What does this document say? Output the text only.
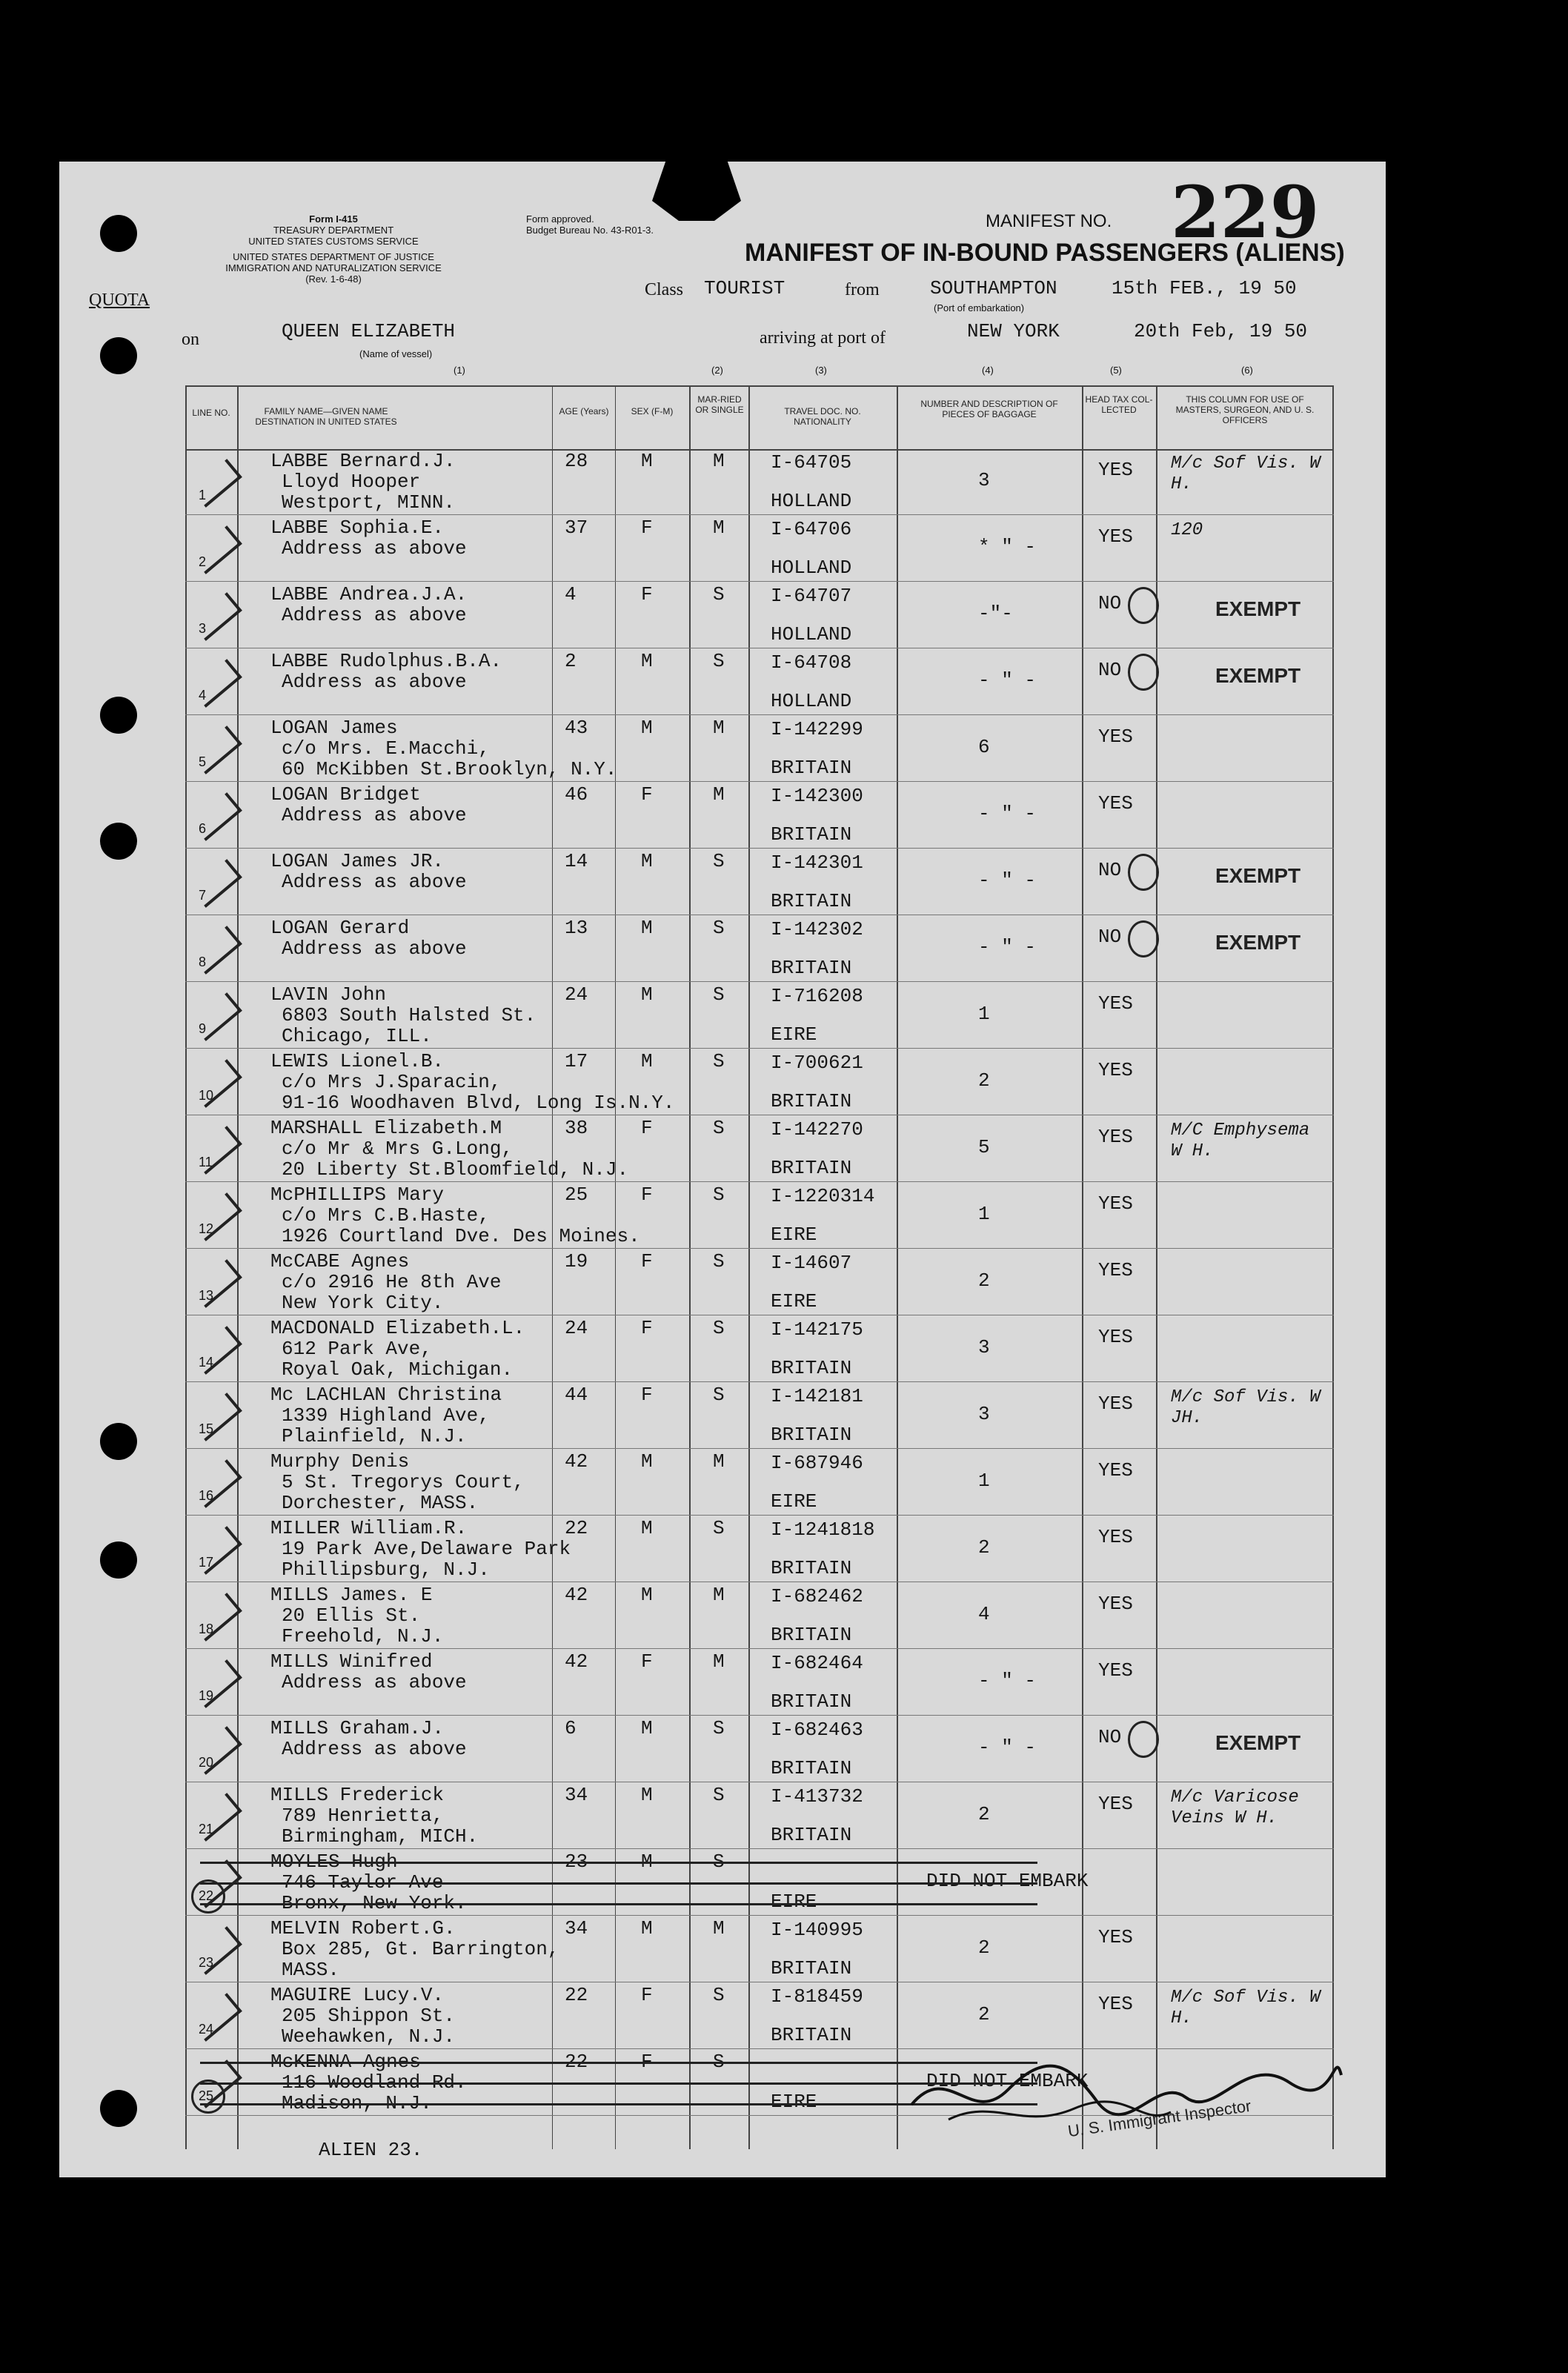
Form I-415
TREASURY DEPARTMENT
UNITED STATES CUSTOMS SERVICE
UNITED STATES DEPARTMENT OF JUSTICE
IMMIGRATION AND NATURALIZATION SERVICE
(Rev. 1-6-48)
Form approved.
Budget Bureau No. 43-R01-3.	MANIFEST NO. 229
MANIFEST OF IN-BOUND PASSENGERS (ALIENS)
QUOTA
Class TOURIST	from	SOUTHAMPTON
(Port of embarkation)
15th FEB., 19 50
on	QUEEN ELIZABETH
(Name of vessel)
arriving at port of	NEW YORK	20th Feb, 19 50
(1)	(2)	(3)	(4)	(5)	(6)
LINE NO.	FAMILY NAME—GIVEN NAME DESTINATION IN UNITED STATES
AGE (Years)	SEX (F-M)
MAR-RIED OR SINGLE	TRAVEL DOC. NO. NATIONALITY
NUMBER AND DESCRIPTION OF PIECES OF BAGGAGE
HEAD TAX COL-LECTED
THIS COLUMN FOR USE OF MASTERS, SURGEON, AND U. S. OFFICERS
1
LABBE Bernard.J.
Lloyd Hooper
Westport, MINN.
28	M	M I-64705
HOLLAND
3	YES M/c Sof Vis. W H.
2
LABBE Sophia.E.
Address as above
37	F	M I-64706
HOLLAND
* " -	YES 120
3
LABBE Andrea.J.A.
Address as above
4	F	S I-64707
HOLLAND
-"-	NO	EXEMPT
4
LABBE Rudolphus.B.A.
Address as above
2	M	S I-64708
HOLLAND
- " -	NO	EXEMPT
5
LOGAN James
c/o Mrs. E.Macchi,
60 McKibben St.Brooklyn, N.Y.
43	M	M I-142299
BRITAIN
6	YES
6
LOGAN Bridget
Address as above
46	F	M I-142300
BRITAIN
- " -	YES
7
LOGAN James JR.
Address as above
14	M	S I-142301
BRITAIN
- " -	NO	EXEMPT
8
LOGAN Gerard
Address as above
13	M	S I-142302
BRITAIN
- " -	NO	EXEMPT
9
LAVIN John
6803 South Halsted St.
Chicago, ILL.
24	M	S I-716208
EIRE
1	YES
10
LEWIS Lionel.B.
c/o Mrs J.Sparacin,
91-16 Woodhaven Blvd, Long Is.N.Y.
17	M	S I-700621
BRITAIN
2	YES
11
MARSHALL Elizabeth.M
c/o Mr & Mrs G.Long,
20 Liberty St.Bloomfield, N.J.
38	F	S I-142270
BRITAIN
5	YES M/C Emphysema W H.
12
McPHILLIPS Mary
c/o Mrs C.B.Haste,
1926 Courtland Dve. Des Moines.
25	F	S I-1220314
EIRE
1	YES
13
McCABE Agnes
c/o 2916 He 8th Ave
New York City.
19	F	S I-14607
EIRE
2	YES
14
MACDONALD Elizabeth.L.
612 Park Ave,
Royal Oak, Michigan.
24	F	S I-142175
BRITAIN
3	YES
15
Mc LACHLAN Christina
1339 Highland Ave,
Plainfield, N.J.
44	F	S I-142181
BRITAIN
3	YES M/c Sof Vis. W JH.
16
Murphy Denis
5 St. Tregorys Court,
Dorchester, MASS.
42	M	M I-687946
EIRE
1	YES
17
MILLER William.R.
19 Park Ave,Delaware Park
Phillipsburg, N.J.
22	M	S I-1241818
BRITAIN
2	YES
18
MILLS James. E
20 Ellis St.
Freehold, N.J.
42	M	M I-682462
BRITAIN
4	YES
19
MILLS Winifred
Address as above
42	F	M I-682464
BRITAIN
- " -	YES
20
MILLS Graham.J.
Address as above
6	M	S I-682463
BRITAIN
- " -	NO	EXEMPT
21
MILLS Frederick
789 Henrietta,
Birmingham, MICH.
34	M	S I-413732
BRITAIN
2	YES M/c Varicose Veins W H.
22
MOYLES Hugh
746 Taylor Ave
Bronx, New York.
23	M	S
EIRE
DID NOT EMBARK
23
MELVIN Robert.G.
Box 285, Gt. Barrington,
MASS.
34	M	M I-140995
BRITAIN
2	YES
24
MAGUIRE Lucy.V.
205 Shippon St.
Weehawken, N.J.
22	F	S I-818459
BRITAIN
2	YES M/c Sof Vis. W H.
25
McKENNA Agnes
116 Woodland Rd.
Madison, N.J.
22	F	S
EIRE
DID NOT EMBARK
ALIEN 23.
U. S. Immigrant Inspector
